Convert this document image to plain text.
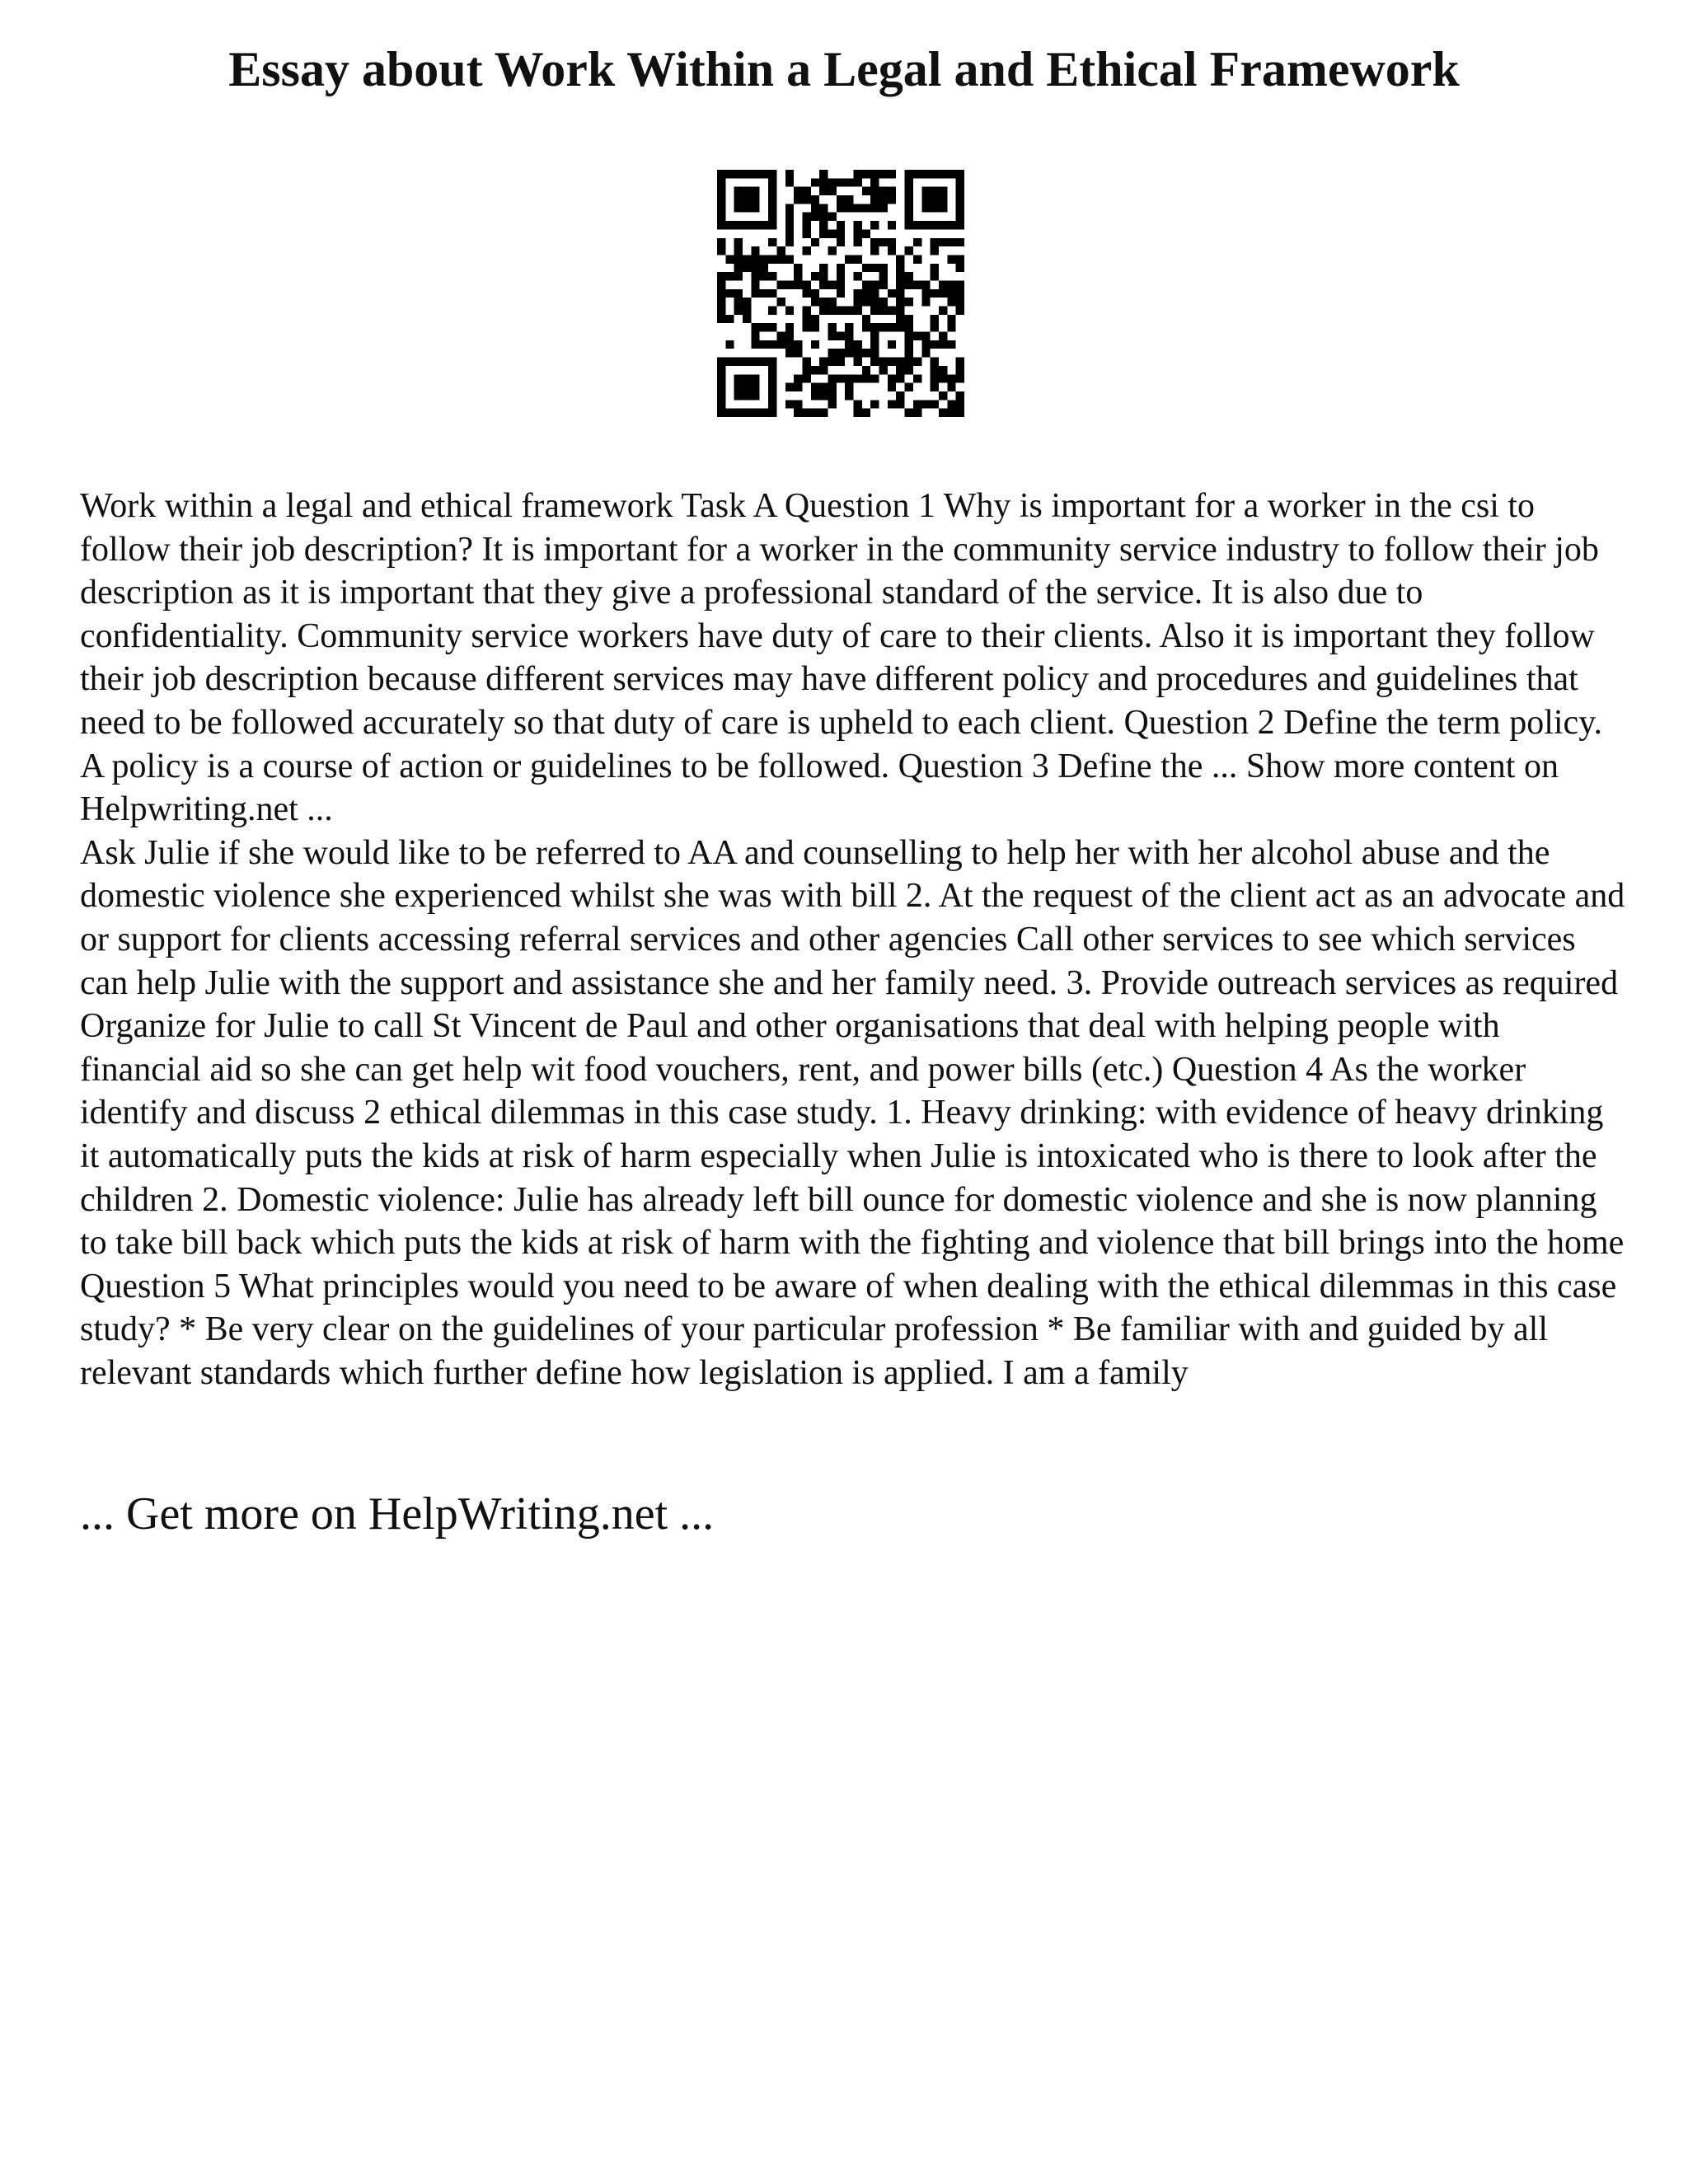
Essay about Work Within a Legal and Ethical Framework

Work within a legal and ethical framework Task A Question 1 Why is important for a worker in the csi to follow their job description? It is important for a worker in the community service industry to follow their job description as it is important that they give a professional standard of the service. It is also due to confidentiality. Community service workers have duty of care to their clients. Also it is important they follow their job description because different services may have different policy and procedures and guidelines that need to be followed accurately so that duty of care is upheld to each client. Question 2 Define the term policy. A policy is a course of action or guidelines to be followed. Question 3 Define the ... Show more content on Helpwriting.net ...

Ask Julie if she would like to be referred to AA and counselling to help her with her alcohol abuse and the domestic violence she experienced whilst she was with bill 2. At the request of the client act as an advocate and or support for clients accessing referral services and other agencies Call other services to see which services can help Julie with the support and assistance she and her family need. 3. Provide outreach services as required Organize for Julie to call St Vincent de Paul and other organisations that deal with helping people with financial aid so she can get help wit food vouchers, rent, and power bills (etc.) Question 4 As the worker identify and discuss 2 ethical dilemmas in this case study. 1. Heavy drinking: with evidence of heavy drinking it automatically puts the kids at risk of harm especially when Julie is intoxicated who is there to look after the children 2. Domestic violence: Julie has already left bill ounce for domestic violence and she is now planning to take bill back which puts the kids at risk of harm with the fighting and violence that bill brings into the home Question 5 What principles would you need to be aware of when dealing with the ethical dilemmas in this case study? * Be very clear on the guidelines of your particular profession * Be familiar with and guided by all relevant standards which further define how legislation is applied. I am a family

... Get more on HelpWriting.net ...
